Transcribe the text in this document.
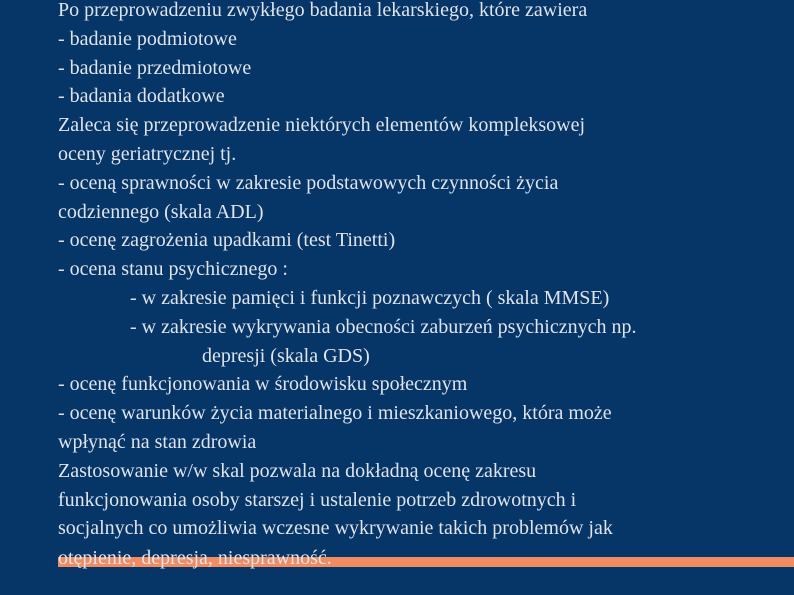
Po przeprowadzeniu zwykłego badania lekarskiego, które zawiera
- badanie podmiotowe
- badanie przedmiotowe
- badania dodatkowe
Zaleca się przeprowadzenie niektórych elementów kompleksowej
oceny geriatrycznej tj.
- oceną sprawności w zakresie podstawowych czynności życia
codziennego (skala ADL)
- ocenę zagrożenia upadkami (test Tinetti)
- ocena stanu psychicznego :
- w zakresie pamięci i funkcji poznawczych ( skala MMSE)
- w zakresie wykrywania obecności zaburzeń psychicznych np.
depresji (skala GDS)
- ocenę funkcjonowania w środowisku społecznym
- ocenę warunków życia materialnego i mieszkaniowego, która może
wpłynąć na stan zdrowia
Zastosowanie w/w skal pozwala na dokładną ocenę zakresu
funkcjonowania osoby starszej i ustalenie potrzeb zdrowotnych i
socjalnych co umożliwia wczesne wykrywanie takich problemów jak
otępienie, depresja, niesprawność.
